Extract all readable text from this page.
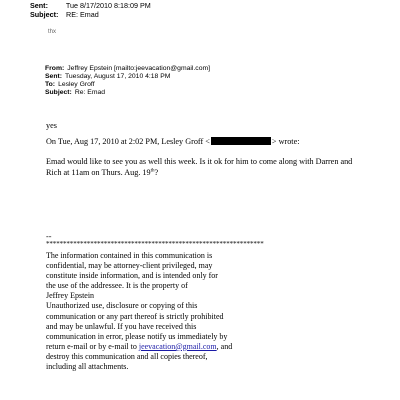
Sent: Tue 8/17/2010 8:18:09 PM
Subject: RE: Emad
thx
From: Jeffrey Epstein [mailto:jeevacation@gmail.com]
Sent: Tuesday, August 17, 2010 4:18 PM
To: Lesley Groff
Subject: Re: Emad
yes
On Tue, Aug 17, 2010 at 2:02 PM, Lesley Groff <	> wrote:
Emad would like to see you as well this week. Is it ok for him to come along with Darren and
Rich at 11am on Thurs. Aug. 19th?
--
****************************************************************
The information contained in this communication is
confidential, may be attorney-client privileged, may
constitute inside information, and is intended only for
the use of the addressee. It is the property of
Jeffrey Epstein
Unauthorized use, disclosure or copying of this
communication or any part thereof is strictly prohibited
and may be unlawful. If you have received this
communication in error, please notify us immediately by
return e-mail or by e-mail to jeevacation@gmail.com, and
destroy this communication and all copies thereof,
including all attachments.
